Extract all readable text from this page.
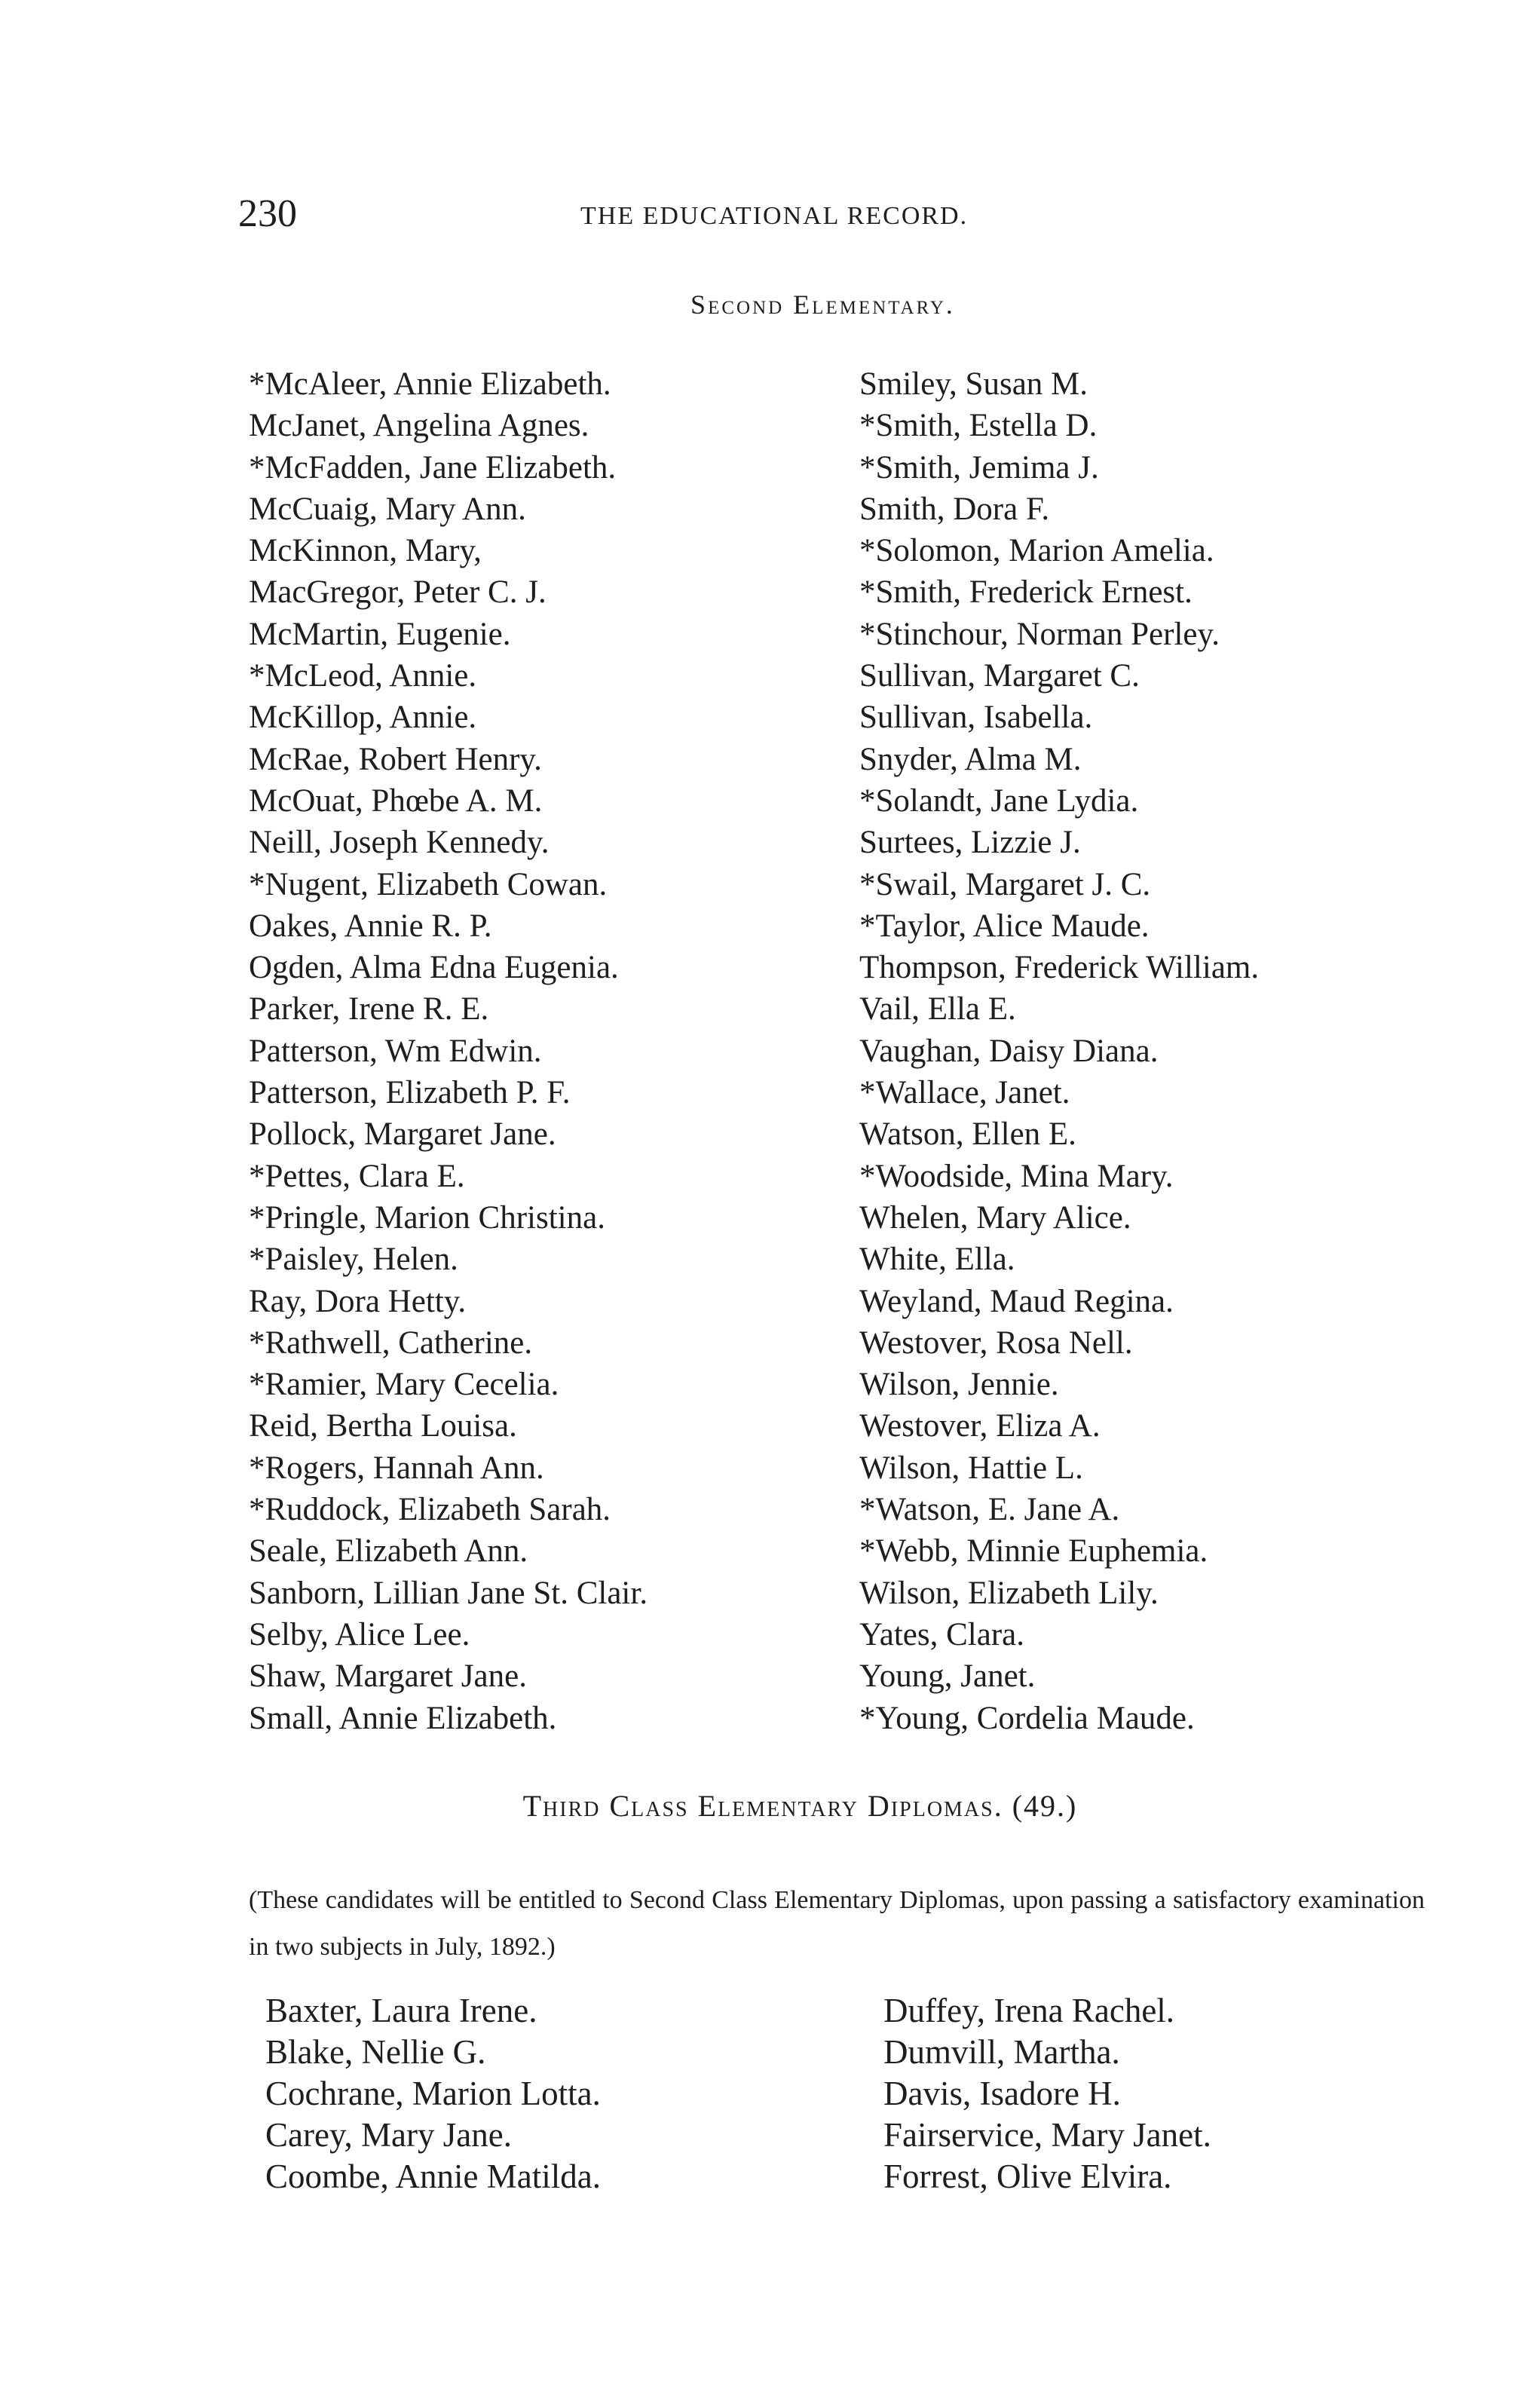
230	THE EDUCATIONAL RECORD.
Second Elementary.
*McAleer, Annie Elizabeth.
McJanet, Angelina Agnes.
*McFadden, Jane Elizabeth.
McCuaig, Mary Ann.
McKinnon, Mary,
MacGregor, Peter C. J.
McMartin, Eugenie.
*McLeod, Annie.
McKillop, Annie.
McRae, Robert Henry.
McOuat, Phœbe A. M.
Neill, Joseph Kennedy.
*Nugent, Elizabeth Cowan.
Oakes, Annie R. P.
Ogden, Alma Edna Eugenia.
Parker, Irene R. E.
Patterson, Wm Edwin.
Patterson, Elizabeth P. F.
Pollock, Margaret Jane.
*Pettes, Clara E.
*Pringle, Marion Christina.
*Paisley, Helen.
Ray, Dora Hetty.
*Rathwell, Catherine.
*Ramier, Mary Cecelia.
Reid, Bertha Louisa.
*Rogers, Hannah Ann.
*Ruddock, Elizabeth Sarah.
Seale, Elizabeth Ann.
Sanborn, Lillian Jane St. Clair.
Selby, Alice Lee.
Shaw, Margaret Jane.
Small, Annie Elizabeth.
Smiley, Susan M.
*Smith, Estella D.
*Smith, Jemima J.
Smith, Dora F.
*Solomon, Marion Amelia.
*Smith, Frederick Ernest.
*Stinchour, Norman Perley.
Sullivan, Margaret C.
Sullivan, Isabella.
Snyder, Alma M.
*Solandt, Jane Lydia.
Surtees, Lizzie J.
*Swail, Margaret J. C.
*Taylor, Alice Maude.
Thompson, Frederick William.
Vail, Ella E.
Vaughan, Daisy Diana.
*Wallace, Janet.
Watson, Ellen E.
*Woodside, Mina Mary.
Whelen, Mary Alice.
White, Ella.
Weyland, Maud Regina.
Westover, Rosa Nell.
Wilson, Jennie.
Westover, Eliza A.
Wilson, Hattie L.
*Watson, E. Jane A.
*Webb, Minnie Euphemia.
Wilson, Elizabeth Lily.
Yates, Clara.
Young, Janet.
*Young, Cordelia Maude.
Third Class Elementary Diplomas. (49.)
(These candidates will be entitled to Second Class Elementary Diplomas, upon passing a satisfactory examination in two subjects in July, 1892.)
Baxter, Laura Irene.
Blake, Nellie G.
Cochrane, Marion Lotta.
Carey, Mary Jane.
Coombe, Annie Matilda.
Duffey, Irena Rachel.
Dumvill, Martha.
Davis, Isadore H.
Fairservice, Mary Janet.
Forrest, Olive Elvira.
